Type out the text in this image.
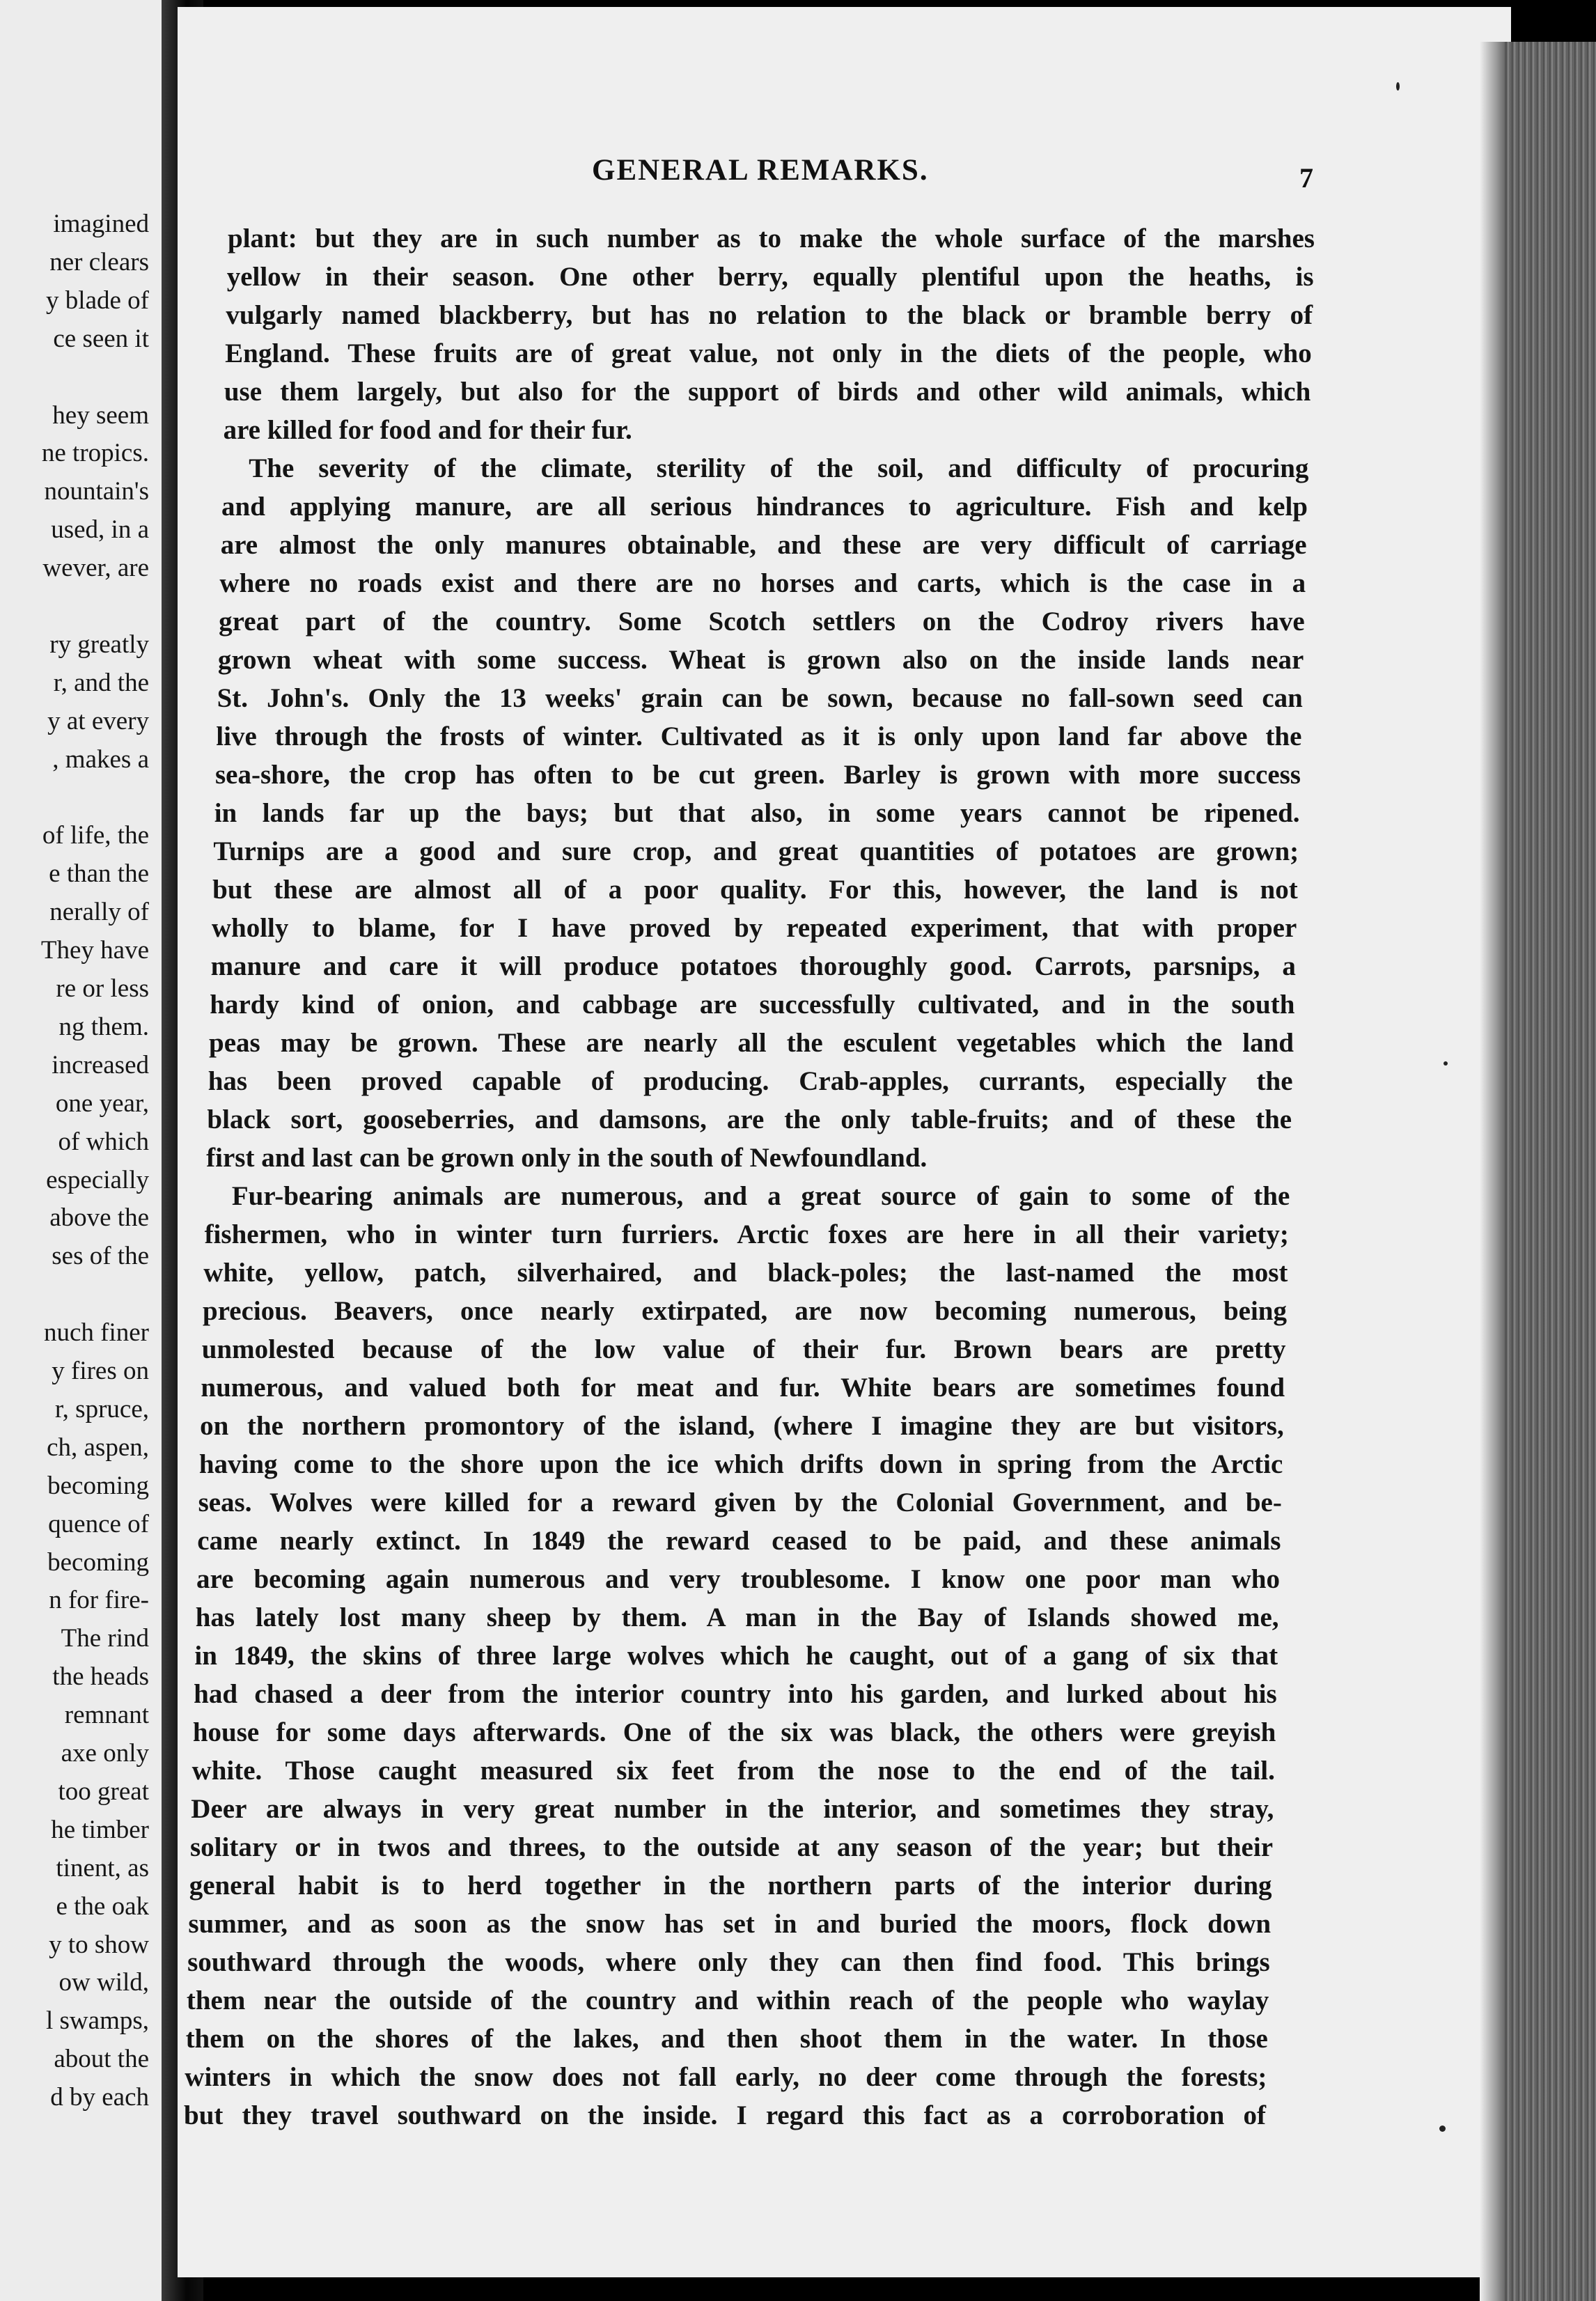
imagined
ner clears
y blade of
ce seen it
hey seem
ne tropics.
nountain's
used, in a
wever, are
ry greatly
r, and the
y at every
, makes a
of life, the
e than the
nerally of
They have
re or less
ng them.
increased
one year,
of which
especially
above the
ses of the
nuch finer
y fires on
r, spruce,
ch, aspen,
becoming
quence of
becoming
n for fire-
The rind
the heads
remnant
axe only
too great
he timber
tinent, as
e the oak
y to show
ow wild,
l swamps,
about the
d by each
GENERAL REMARKS.	7
plant: but they are in such number as to make the whole surface of the marshes
yellow in their season. One other berry, equally plentiful upon the heaths, is
vulgarly named blackberry, but has no relation to the black or bramble berry of
England. These fruits are of great value, not only in the diets of the people, who
use them largely, but also for the support of birds and other wild animals, which
are killed for food and for their fur.
The severity of the climate, sterility of the soil, and difficulty of procuring
and applying manure, are all serious hindrances to agriculture. Fish and kelp
are almost the only manures obtainable, and these are very difficult of carriage
where no roads exist and there are no horses and carts, which is the case in a
great part of the country. Some Scotch settlers on the Codroy rivers have
grown wheat with some success. Wheat is grown also on the inside lands near
St. John's. Only the 13 weeks' grain can be sown, because no fall-sown seed can
live through the frosts of winter. Cultivated as it is only upon land far above the
sea-shore, the crop has often to be cut green. Barley is grown with more success
in lands far up the bays; but that also, in some years cannot be ripened.
Turnips are a good and sure crop, and great quantities of potatoes are grown;
but these are almost all of a poor quality. For this, however, the land is not
wholly to blame, for I have proved by repeated experiment, that with proper
manure and care it will produce potatoes thoroughly good. Carrots, parsnips, a
hardy kind of onion, and cabbage are successfully cultivated, and in the south
peas may be grown. These are nearly all the esculent vegetables which the land
has been proved capable of producing. Crab-apples, currants, especially the
black sort, gooseberries, and damsons, are the only table-fruits; and of these the
first and last can be grown only in the south of Newfoundland.
Fur-bearing animals are numerous, and a great source of gain to some of the
fishermen, who in winter turn furriers. Arctic foxes are here in all their variety;
white, yellow, patch, silverhaired, and black-poles; the last-named the most
precious. Beavers, once nearly extirpated, are now becoming numerous, being
unmolested because of the low value of their fur. Brown bears are pretty
numerous, and valued both for meat and fur. White bears are sometimes found
on the northern promontory of the island, (where I imagine they are but visitors,
having come to the shore upon the ice which drifts down in spring from the Arctic
seas. Wolves were killed for a reward given by the Colonial Government, and be-
came nearly extinct. In 1849 the reward ceased to be paid, and these animals
are becoming again numerous and very troublesome. I know one poor man who
has lately lost many sheep by them. A man in the Bay of Islands showed me,
in 1849, the skins of three large wolves which he caught, out of a gang of six that
had chased a deer from the interior country into his garden, and lurked about his
house for some days afterwards. One of the six was black, the others were greyish
white. Those caught measured six feet from the nose to the end of the tail.
Deer are always in very great number in the interior, and sometimes they stray,
solitary or in twos and threes, to the outside at any season of the year; but their
general habit is to herd together in the northern parts of the interior during
summer, and as soon as the snow has set in and buried the moors, flock down
southward through the woods, where only they can then find food. This brings
them near the outside of the country and within reach of the people who waylay
them on the shores of the lakes, and then shoot them in the water. In those
winters in which the snow does not fall early, no deer come through the forests;
but they travel southward on the inside. I regard this fact as a corroboration of
